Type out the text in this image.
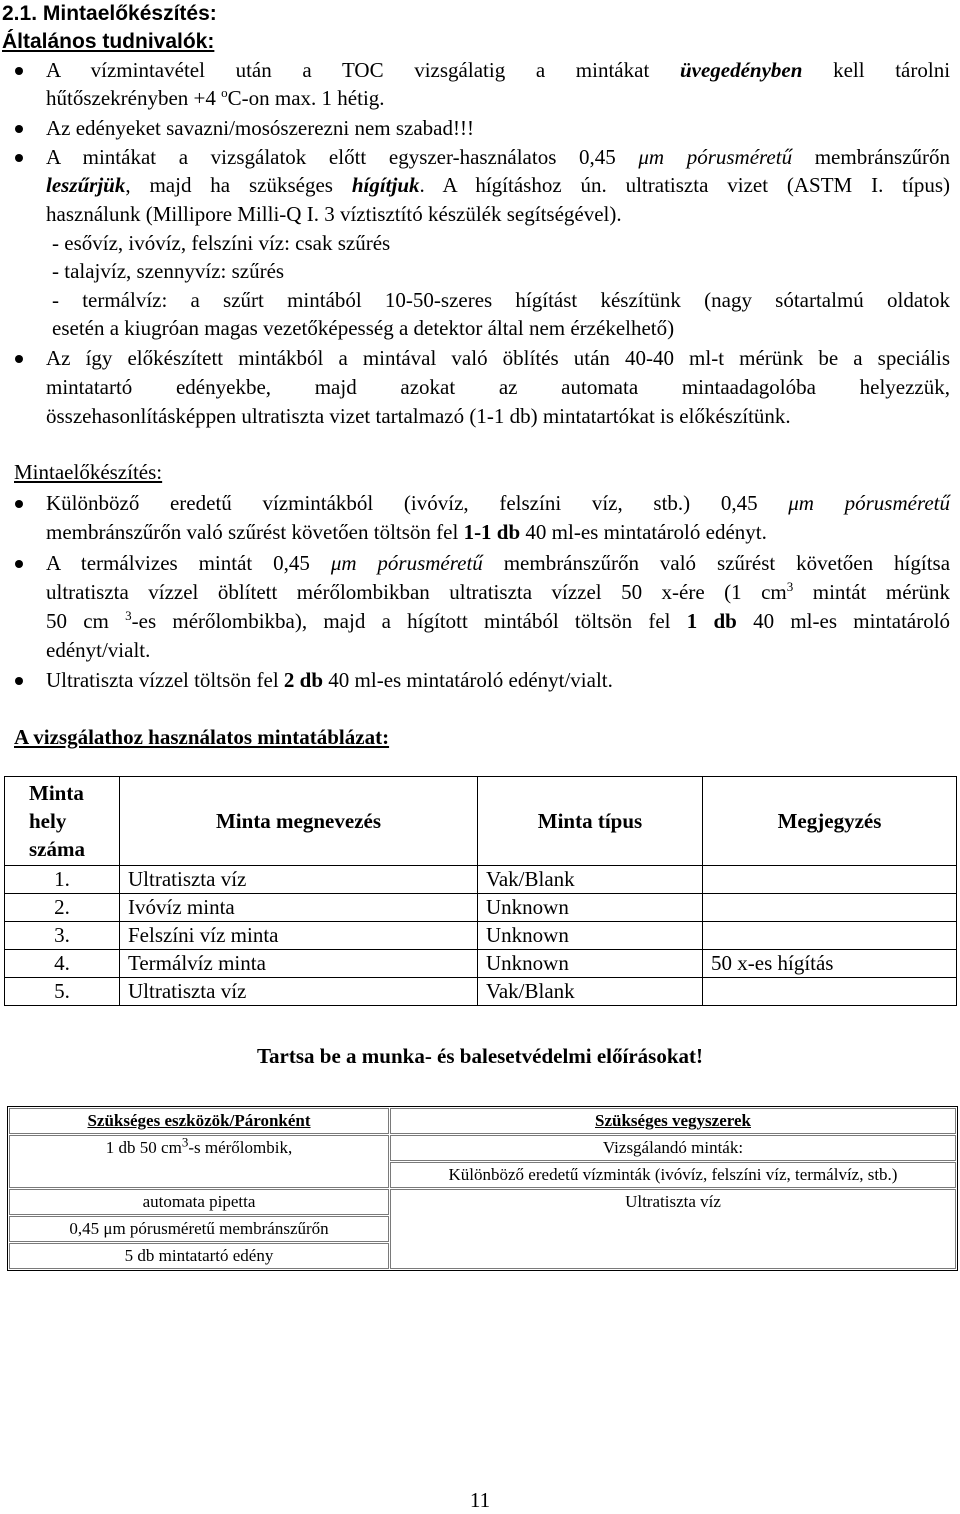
2.1. Mintaelőkészítés:
Általános tudnivalók:
A vízmintavétel után a TOC vizsgálatig a mintákat üvegedényben kell tárolni
hűtőszekrényben +4 $^o$C-on max. 1 hétig.
Az edényeket savazni/mosószerezni nem szabad!!!
A mintákat a vizsgálatok előtt egyszer-használatos 0,45 μm pórusméretű membránszűrőn
leszűrjük, majd ha szükséges hígítjuk. A hígításhoz ún. ultratiszta vizet (ASTM I. típus)
használunk (Millipore Milli-Q I. 3 víztisztító készülék segítségével).
- esővíz, ivóvíz, felszíni víz: csak szűrés
- talajvíz, szennyvíz: szűrés
- termálvíz: a szűrt mintából 10-50-szeres hígítást készítünk (nagy sótartalmú oldatok
esetén a kiugróan magas vezetőképesség a detektor által nem érzékelhető)
Az így előkészített mintákból a mintával való öblítés után 40-40 ml-t mérünk be a speciális
mintatartó edényekbe, majd azokat az automata mintaadagolóba helyezzük,
összehasonlításképpen ultratiszta vizet tartalmazó (1-1 db) mintatartókat is előkészítünk.
Mintaelőkészítés:
Különböző eredetű vízmintákból (ivóvíz, felszíni víz, stb.) 0,45 μm pórusméretű
membránszűrőn való szűrést követően töltsön fel 1-1 db 40 ml-es mintatároló edényt.
A termálvizes mintát 0,45 μm pórusméretű membránszűrőn való szűrést követően hígítsa
ultratiszta vízzel öblített mérőlombikban ultratiszta vízzel 50 x-ére (1 $cm^3$ mintát mérünk
50 cm $^3$-es mérőlombikba), majd a hígított mintából töltsön fel 1 db 40 ml-es mintatároló
edényt/vialt.
Ultratiszta vízzel töltsön fel 2 db 40 ml-es mintatároló edényt/vialt.
A vizsgálathoz használatos mintatáblázat:
Minta hely száma	Minta megnevezés	Minta típus	Megjegyzés
1.	Ultratiszta víz	Vak/Blank	
2.	Ivóvíz minta	Unknown	
3.	Felszíni víz minta	Unknown	
4.	Termálvíz minta	Unknown	50 x-es hígítás
5.	Ultratiszta víz	Vak/Blank	
Tartsa be a munka- és balesetvédelmi előírásokat!
Szükséges eszközök/Páronként	Szükséges vegyszerek
1 db 50 $cm^3-s$ mérőlombik,	Vizsgálandó minták:
	Különböző eredetű vízminták (ivóvíz, felszíni víz, termálvíz, stb.)
automata pipetta	Ultratiszta víz
0,45 μm pórusméretű membránszűrőn	
5 db mintatartó edény	
11
